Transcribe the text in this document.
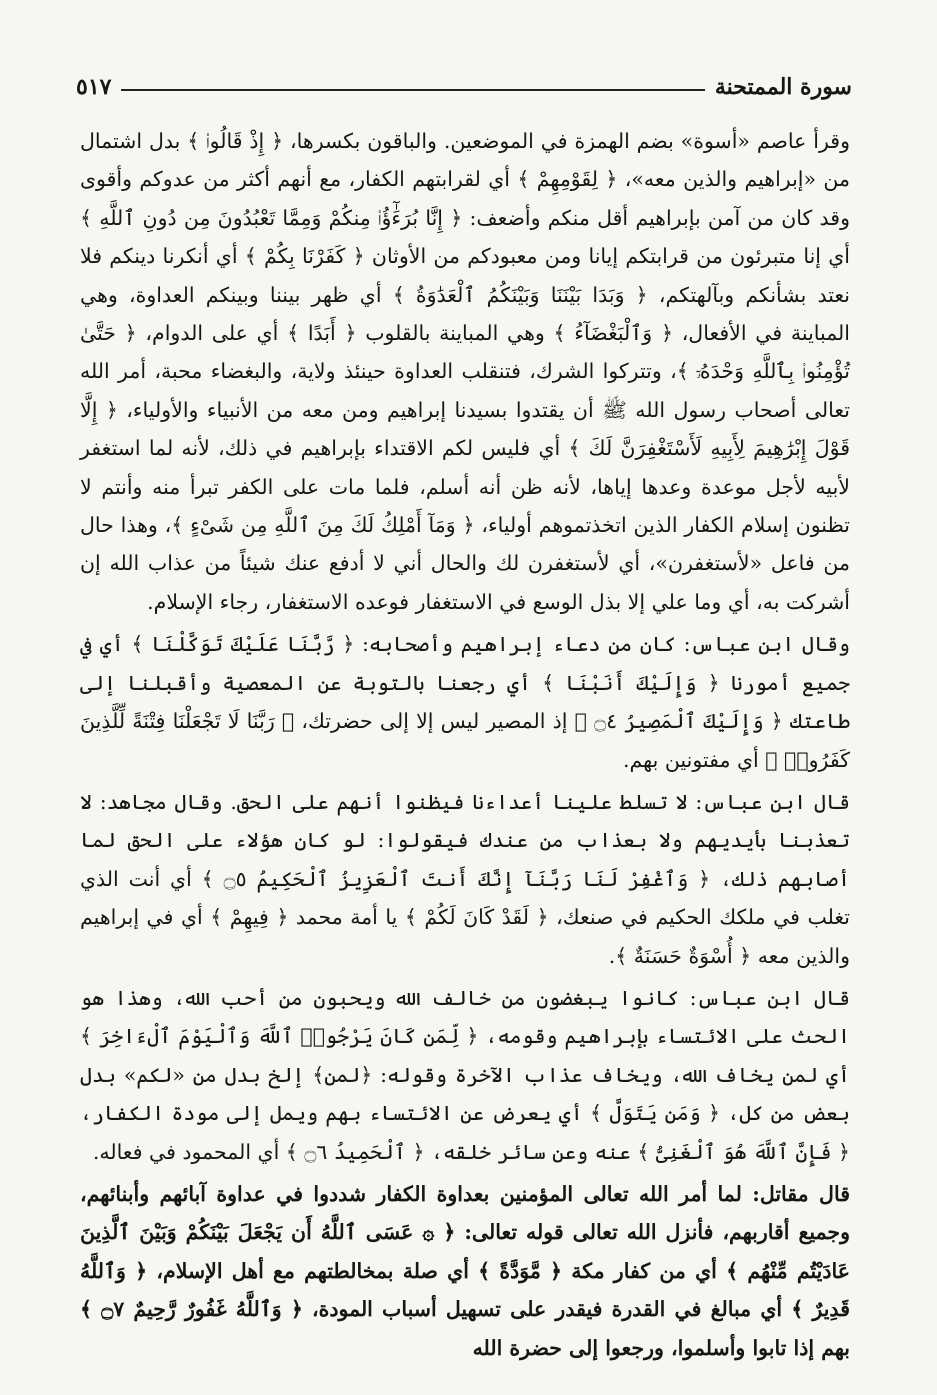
٥١٧	سورة الممتحنة

وقرأ عاصم «أسوة» بضم الهمزة في الموضعين. والباقون بكسرها، ﴿ إِذْ قَالُوا۟ ﴾ بدل اشتمال من «إبراهيم والذين معه»، ﴿ لِقَوْمِهِمْ ﴾ أي لقرابتهم الكفار، مع أنهم أكثر من عدوكم وأقوى وقد كان من آمن بإبراهيم أقل منكم وأضعف: ﴿ إِنَّا بُرَءَٰٓؤُا۟ مِنكُمْ وَمِمَّا تَعْبُدُونَ مِن دُونِ ٱللَّهِ ﴾ أي إنا متبرئون من قرابتكم إيانا ومن معبودكم من الأوثان ﴿ كَفَرْنَا بِكُمْ ﴾ أي أنكرنا دينكم فلا نعتد بشأنكم وبآلهتكم، ﴿ وَبَدَا بَيْنَنَا وَبَيْنَكُمُ ٱلْعَدَٰوَةُ ﴾ أي ظهر بيننا وبينكم العداوة، وهي المباينة في الأفعال، ﴿ وَٱلْبَغْضَآءُ ﴾ وهي المباينة بالقلوب ﴿ أَبَدًا ﴾ أي على الدوام، ﴿ حَتَّىٰ تُؤْمِنُوا۟ بِٱللَّهِ وَحْدَهُۥٓ ﴾، وتتركوا الشرك، فتنقلب العداوة حينئذ ولاية، والبغضاء محبة، أمر الله تعالى أصحاب رسول الله ﷺ أن يقتدوا بسيدنا إبراهيم ومن معه من الأنبياء والأولياء، ﴿ إِلَّا قَوْلَ إِبْرَٰهِيمَ لِأَبِيهِ لَأَسْتَغْفِرَنَّ لَكَ ﴾ أي فليس لكم الاقتداء بإبراهيم في ذلك، لأنه لما استغفر لأبيه لأجل موعدة وعدها إياها، لأنه ظن أنه أسلم، فلما مات على الكفر تبرأ منه وأنتم لا تظنون إسلام الكفار الذين اتخذتموهم أولياء، ﴿ وَمَآ أَمْلِكُ لَكَ مِنَ ٱللَّهِ مِن شَىْءٍ ﴾، وهذا حال من فاعل «لأستغفرن»، أي لأستغفرن لك والحال أني لا أدفع عنك شيئاً من عذاب الله إن أشركت به، أي وما علي إلا بذل الوسع في الاستغفار فوعده الاستغفار، رجاء الإسلام.

وقال ابن عباس: كان من دعاء إبراهيم وأصحابه: ﴿ رَّبَّنَا عَلَيْكَ تَوَكَّلْنَا ﴾ أي في جميع أمورنا ﴿ وَإِلَيْكَ أَنَبْنَا ﴾ أي رجعنا بالتوبة عن المعصية وأقبلنا إلى طاعتك ﴿ وَإِلَيْكَ ٱلْمَصِيرُ ۝٤ ﴾ إذ المصير ليس إلا إلى حضرتك، ﴿ رَبَّنَا لَا تَجْعَلْنَا فِتْنَةً لِّلَّذِينَ كَفَرُوا۟ ﴾ أي مفتونين بهم.

قال ابن عباس: لا تسلط علينا أعداءنا فيظنوا أنهم على الحق. وقال مجاهد: لا تعذبنا بأيديهم ولا بعذاب من عندك فيقولوا: لو كان هؤلاء على الحق لما أصابهم ذلك، ﴿ وَٱغْفِرْ لَنَا رَبَّنَآ إِنَّكَ أَنتَ ٱلْعَزِيزُ ٱلْحَكِيمُ ۝٥ ﴾ أي أنت الذي تغلب في ملكك الحكيم في صنعك، ﴿ لَقَدْ كَانَ لَكُمْ ﴾ يا أمة محمد ﴿ فِيهِمْ ﴾ أي في إبراهيم والذين معه ﴿ أُسْوَةٌ حَسَنَةٌ ﴾.

قال ابن عباس: كانوا يبغضون من خالف الله ويحبون من أحب الله، وهذا هو الحث على الائتساء بإبراهيم وقومه، ﴿ لِّمَن كَانَ يَرْجُوا۟ ٱللَّهَ وَٱلْيَوْمَ ٱلْءَاخِرَ ﴾ أي لمن يخاف الله، ويخاف عذاب الآخرة وقوله: ﴿لمن﴾ إلخ بدل من «لكم» بدل بعض من كل، ﴿ وَمَن يَتَوَلَّ ﴾ أي يعرض عن الائتساء بهم ويمل إلى مودة الكفار، ﴿ فَإِنَّ ٱللَّهَ هُوَ ٱلْغَنِىُّ ﴾ عنه وعن سائر خلقه، ﴿ ٱلْحَمِيدُ ۝٦ ﴾ أي المحمود في فعاله.

قال مقاتل: لما أمر الله تعالى المؤمنين بعداوة الكفار شددوا في عداوة آبائهم وأبنائهم، وجميع أقاربهم، فأنزل الله تعالى قوله تعالى: ﴿ ۞ عَسَى ٱللَّهُ أَن يَجْعَلَ بَيْنَكُمْ وَبَيْنَ ٱلَّذِينَ عَادَيْتُم مِّنْهُم ﴾ أي من كفار مكة ﴿ مَّوَدَّةً ﴾ أي صلة بمخالطتهم مع أهل الإسلام، ﴿ وَٱللَّهُ قَدِيرٌ ﴾ أي مبالغ في القدرة فيقدر على تسهيل أسباب المودة، ﴿ وَٱللَّهُ غَفُورٌ رَّحِيمٌ ۝٧ ﴾ بهم إذا تابوا وأسلموا، ورجعوا إلى حضرة الله
